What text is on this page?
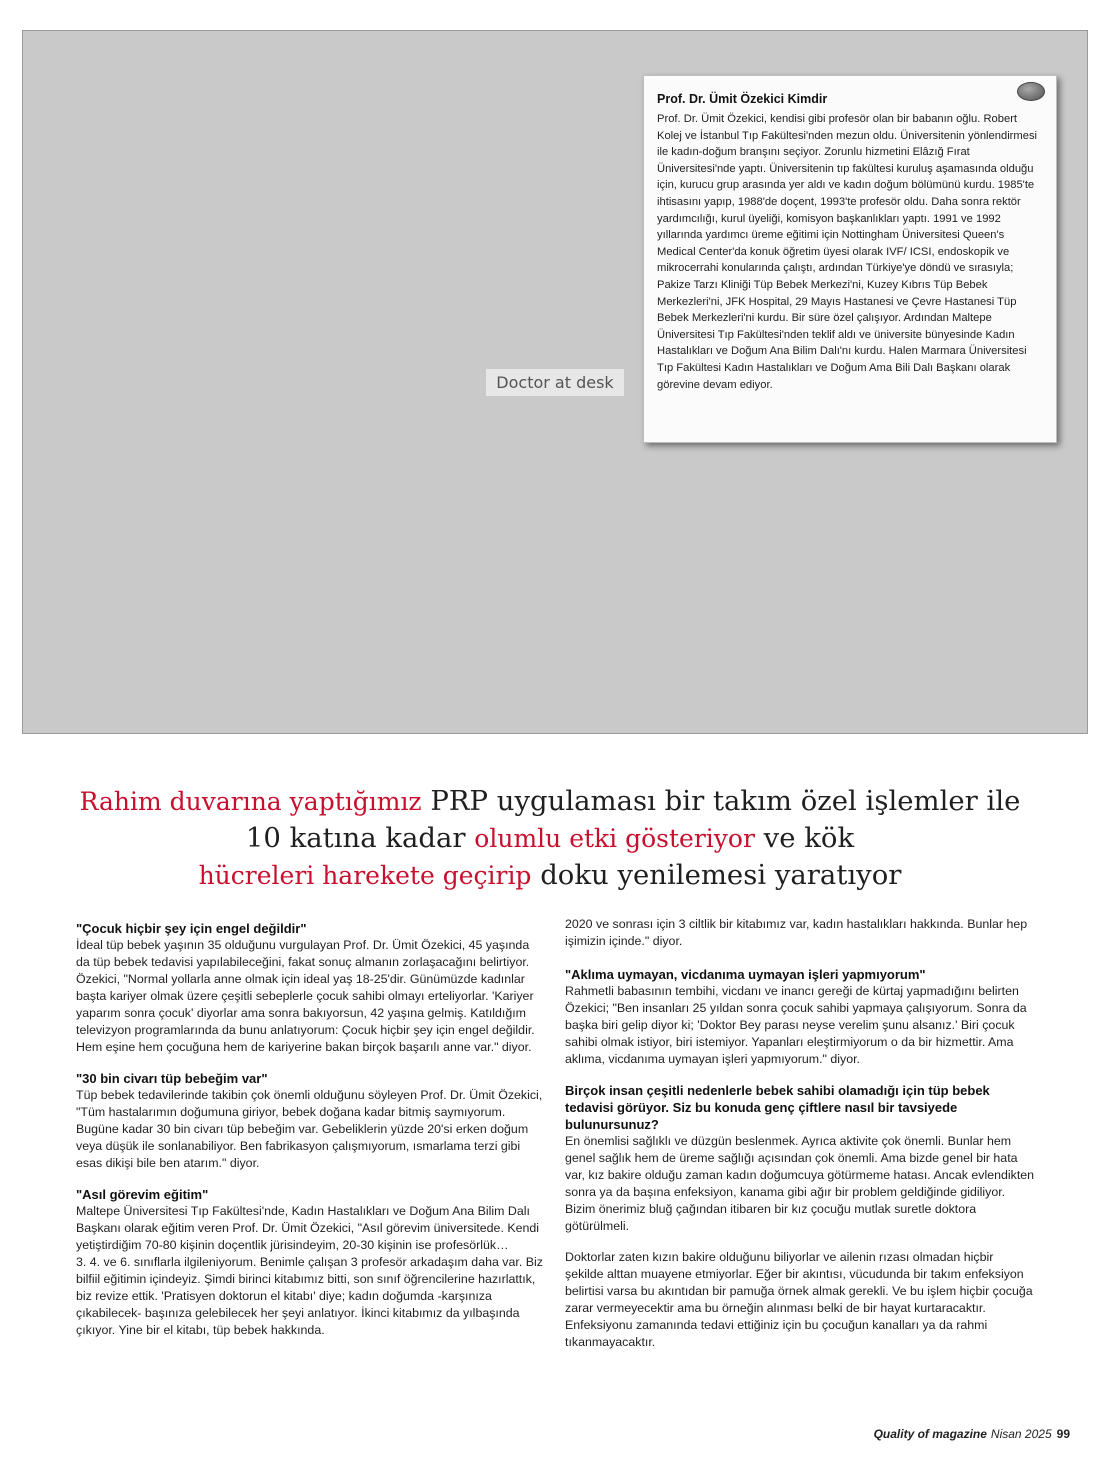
Doctor at desk
Prof. Dr. Ümit Özekici Kimdir

Prof. Dr. Ümit Özekici, kendisi gibi profesör olan bir babanın oğlu. Robert Kolej ve İstanbul Tıp Fakültesi'nden mezun oldu. Üniversitenin yönlendirmesi ile kadın-doğum branşını seçiyor. Zorunlu hizmetini Elâzığ Fırat Üniversitesi'nde yaptı. Üniversitenin tıp fakültesi kuruluş aşamasında olduğu için, kurucu grup arasında yer aldı ve kadın doğum bölümünü kurdu. 1985'te ihtisasını yapıp, 1988'de doçent, 1993'te profesör oldu. Daha sonra rektör yardımcılığı, kurul üyeliği, komisyon başkanlıkları yaptı. 1991 ve 1992 yıllarında yardımcı üreme eğitimi için Nottingham Üniversitesi Queen's Medical Center'da konuk öğretim üyesi olarak IVF/ ICSI, endoskopik ve mikrocerrahi konularında çalıştı, ardından Türkiye'ye döndü ve sırasıyla; Pakize Tarzı Kliniği Tüp Bebek Merkezi'ni, Kuzey Kıbrıs Tüp Bebek Merkezleri'ni, JFK Hospital, 29 Mayıs Hastanesi ve Çevre Hastanesi Tüp Bebek Merkezleri'ni kurdu. Bir süre özel çalışıyor. Ardından Maltepe Üniversitesi Tıp Fakültesi'nden teklif aldı ve üniversite bünyesinde Kadın Hastalıkları ve Doğum Ana Bilim Dalı'nı kurdu. Halen Marmara Üniversitesi Tıp Fakültesi Kadın Hastalıkları ve Doğum Ama Bili Dalı Başkanı olarak görevine devam ediyor.

Rahim duvarına yaptığımız PRP uygulaması bir takım özel işlemler ile 10 katına kadar olumlu etki gösteriyor ve kök
hücreleri harekete geçirip doku yenilemesi yaratıyor

"Çocuk hiçbir şey için engel değildir"

İdeal tüp bebek yaşının 35 olduğunu vurgulayan Prof. Dr. Ümit Özekici, 45 yaşında da tüp bebek tedavisi yapılabileceğini, fakat sonuç almanın zorlaşacağını belirtiyor. Özekici, "Normal yollarla anne olmak için ideal yaş 18-25'dir. Günümüzde kadınlar başta kariyer olmak üzere çeşitli sebeplerle çocuk sahibi olmayı erteliyorlar. 'Kariyer yaparım sonra çocuk' diyorlar ama sonra bakıyorsun, 42 yaşına gelmiş. Katıldığım televizyon programlarında da bunu anlatıyorum: Çocuk hiçbir şey için engel değildir. Hem eşine hem çocuğuna hem de kariyerine bakan birçok başarılı anne var." diyor.

"30 bin civarı tüp bebeğim var"

Tüp bebek tedavilerinde takibin çok önemli olduğunu söyleyen Prof. Dr. Ümit Özekici, "Tüm hastalarımın doğumuna giriyor, bebek doğana kadar bitmiş saymıyorum. Bugüne kadar 30 bin civarı tüp bebeğim var. Gebeliklerin yüzde 20'si erken doğum veya düşük ile sonlanabiliyor. Ben fabrikasyon çalışmıyorum, ısmarlama terzi gibi esas dikişi bile ben atarım." diyor.

"Asıl görevim eğitim"

Maltepe Üniversitesi Tıp Fakültesi'nde, Kadın Hastalıkları ve Doğum Ana Bilim Dalı Başkanı olarak eğitim veren Prof. Dr. Ümit Özekici, "Asıl görevim üniversitede. Kendi yetiştirdiğim 70-80 kişinin doçentlik jürisindeyim, 20-30 kişinin ise profesörlük…
3. 4. ve 6. sınıflarla ilgileniyorum. Benimle çalışan 3 profesör arkadaşım daha var. Biz bilfiil eğitimin içindeyiz. Şimdi birinci kitabımız bitti, son sınıf öğrencilerine hazırlattık, biz revize ettik. 'Pratisyen doktorun el kitabı' diye; kadın doğumda -karşınıza çıkabilecek- başınıza gelebilecek her şeyi anlatıyor. İkinci kitabımız da yılbaşında çıkıyor. Yine bir el kitabı, tüp bebek hakkında.

2020 ve sonrası için 3 ciltlik bir kitabımız var, kadın hastalıkları hakkında. Bunlar hep işimizin içinde." diyor.

"Aklıma uymayan, vicdanıma uymayan işleri yapmıyorum"

Rahmetli babasının tembihi, vicdanı ve inancı gereği de kürtaj yapmadığını belirten Özekici; "Ben insanları 25 yıldan sonra çocuk sahibi yapmaya çalışıyorum. Sonra da başka biri gelip diyor ki; 'Doktor Bey parası neyse verelim şunu alsanız.' Biri çocuk sahibi olmak istiyor, biri istemiyor. Yapanları eleştirmiyorum o da bir hizmettir. Ama aklıma, vicdanıma uymayan işleri yapmıyorum." diyor.

Birçok insan çeşitli nedenlerle bebek sahibi olamadığı için tüp bebek tedavisi görüyor. Siz bu konuda genç çiftlere nasıl bir tavsiyede bulunursunuz?

En önemlisi sağlıklı ve düzgün beslenmek. Ayrıca aktivite çok önemli. Bunlar hem genel sağlık hem de üreme sağlığı açısından çok önemli. Ama bizde genel bir hata var, kız bakire olduğu zaman kadın doğumcuya götürmeme hatası. Ancak evlendikten sonra ya da başına enfeksiyon, kanama gibi ağır bir problem geldiğinde gidiliyor. Bizim önerimiz bluğ çağından itibaren bir kız çocuğu mutlak suretle doktora götürülmeli.

Doktorlar zaten kızın bakire olduğunu biliyorlar ve ailenin rızası olmadan hiçbir şekilde alttan muayene etmiyorlar. Eğer bir akıntısı, vücudunda bir takım enfeksiyon belirtisi varsa bu akıntıdan bir pamuğa örnek almak gerekli. Ve bu işlem hiçbir çocuğa zarar vermeyecektir ama bu örneğin alınması belki de bir hayat kurtaracaktır. Enfeksiyonu zamanında tedavi ettiğiniz için bu çocuğun kanalları ya da rahmi tıkanmayacaktır.

Quality of magazine Nisan 2025 99
